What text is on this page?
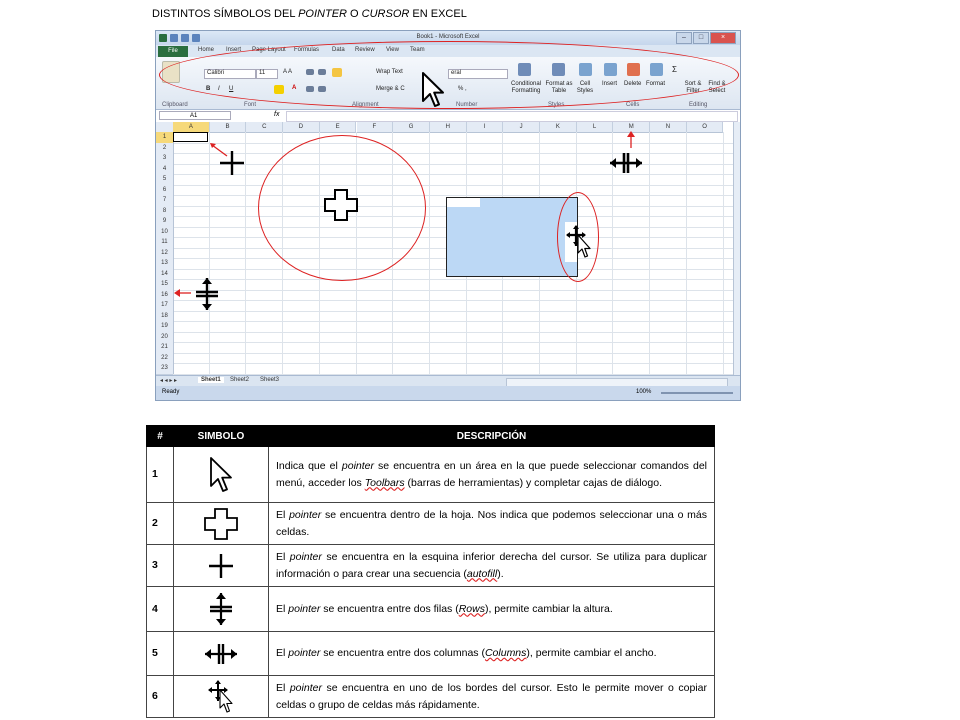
DISTINTOS SÍMBOLOS DEL POINTER O CURSOR EN EXCEL
Book1 - Microsoft Excel	–	□	×
File	Home Insert Page Layout Formulas Data Review View Team
Calibri	11	A A
B I U	A
Wrap Text
Merge & C
eral
% ,
Conditional Formatting
Format as Table
Cell Styles
Insert Delete Format
Σ
Sort & Filter
Find & Select
Clipboard	Font	Alignment	Number	Styles	Cells	Editing
A1	fx
A	B	C	D	E	F	G	H	I	J	K	L	M	N	O
1
2
3
4
5
6
7
8
9
10
11
12
13
14
15
16
17
18
19
20
21
22
23
◂ ◂ ▸ ▸	Sheet1	Sheet2 Sheet3
Ready	100%
#	SIMBOLO	DESCRIPCIÓN
1		Indica que el pointer se encuentra en un área en la que puede seleccionar comandos del menú, acceder los Toolbars (barras de herramientas) y completar cajas de diálogo.
2		El pointer se encuentra dentro de la hoja. Nos indica que podemos seleccionar una o más celdas.
3		El pointer se encuentra en la esquina inferior derecha del cursor. Se utiliza para duplicar información o para crear una secuencia (autofill).
4		El pointer se encuentra entre dos filas (Rows), permite cambiar la altura.
5		El pointer se encuentra entre dos columnas (Columns), permite cambiar el ancho.
6		El pointer se encuentra en uno de los bordes del cursor. Esto le permite mover o copiar celdas o grupo de celdas más rápidamente.
